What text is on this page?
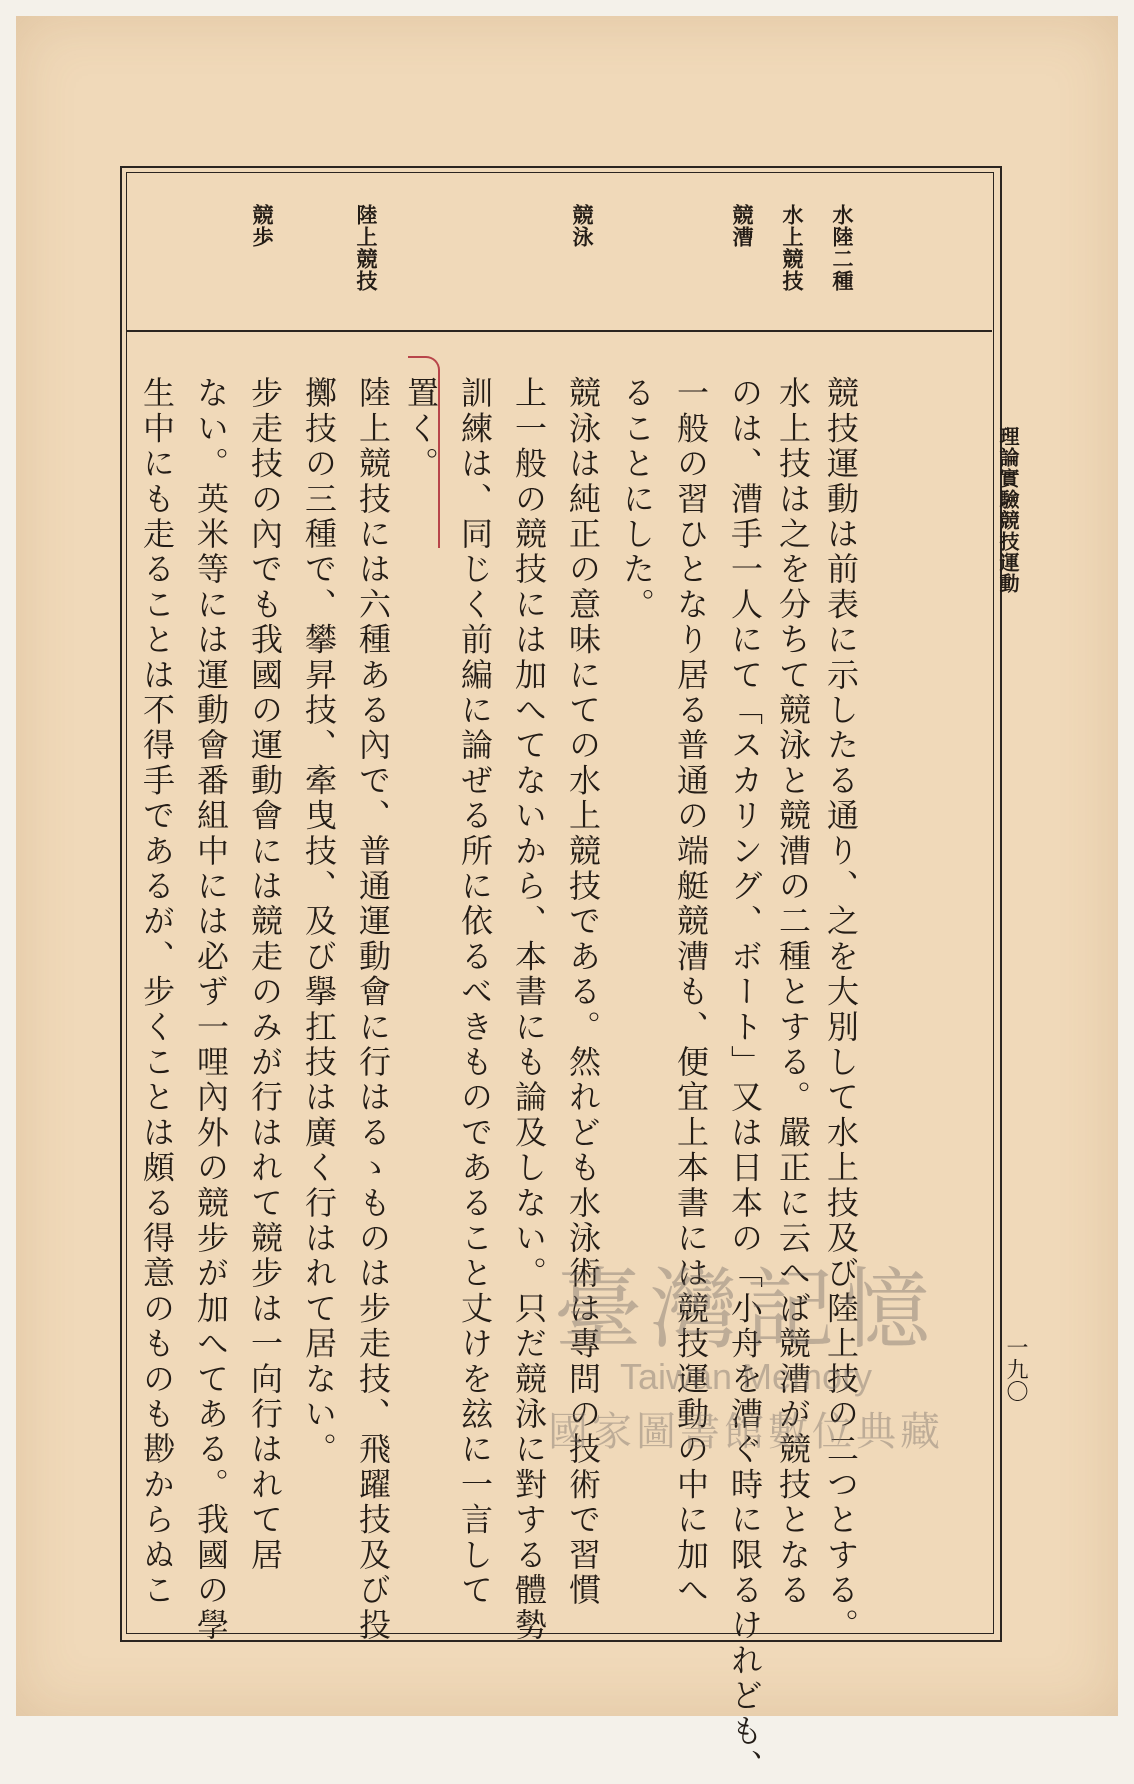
理論實驗競技運動
一九〇
水陸二種
水上競技
競漕
競泳
陸上競技
競歩
競技運動は前表に示したる通り、之を大別して水上技及び陸上技の二つとする。
水上技は之を分ちて競泳と競漕の二種とする。嚴正に云へば競漕が競技となる
のは、漕手一人にて「スカリング、ボート」又は日本の「小舟を漕ぐ時に限るけれども、
一般の習ひとなり居る普通の端艇競漕も、便宜上本書には競技運動の中に加へ
ることにした。
競泳は純正の意味にての水上競技である。然れども水泳術は專問の技術で習慣
上一般の競技には加へてないから、本書にも論及しない。只だ競泳に對する體勢
訓練は、同じく前編に論ぜる所に依るべきものであること丈けを玆に一言して
置く。
陸上競技には六種ある內で、普通運動會に行はるゝものは步走技、飛躍技及び投
擲技の三種で、攀昇技、牽曳技、及び擧扛技は廣く行はれて居ない。
步走技の內でも我國の運動會には競走のみが行はれて競步は一向行はれて居
ない。英米等には運動會番組中には必ず一哩內外の競步が加へてある。我國の學
生中にも走ることは不得手であるが、步くことは頗る得意のものも尠からぬこ	臺灣記憶
Taiwan Memory
國家圖書館數位典藏
